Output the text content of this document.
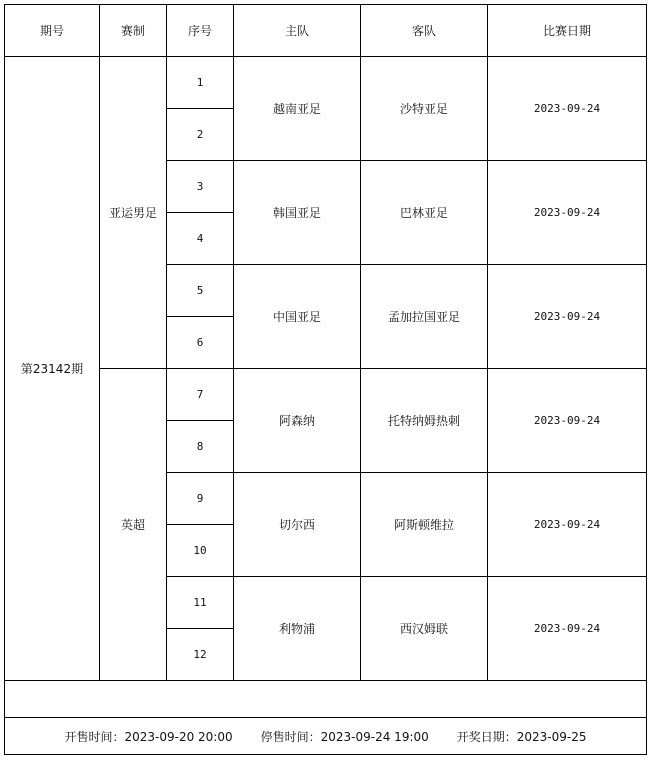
期号	赛制	序号	主队	客队	比赛日期
第23142期	亚运男足	1	越南亚足	沙特亚足	2023-09-24
		2			
		3	韩国亚足	巴林亚足	2023-09-24
		4			
		5	中国亚足	孟加拉国亚足	2023-09-24
		6			
	英超	7	阿森纳	托特纳姆热刺	2023-09-24
		8			
		9	切尔西	阿斯顿维拉	2023-09-24
		10			
		11	利物浦	西汉姆联	2023-09-24
		12			

开售时间：2023-09-20 20:00 停售时间：2023-09-24 19:00 开奖日期：2023-09-25					
